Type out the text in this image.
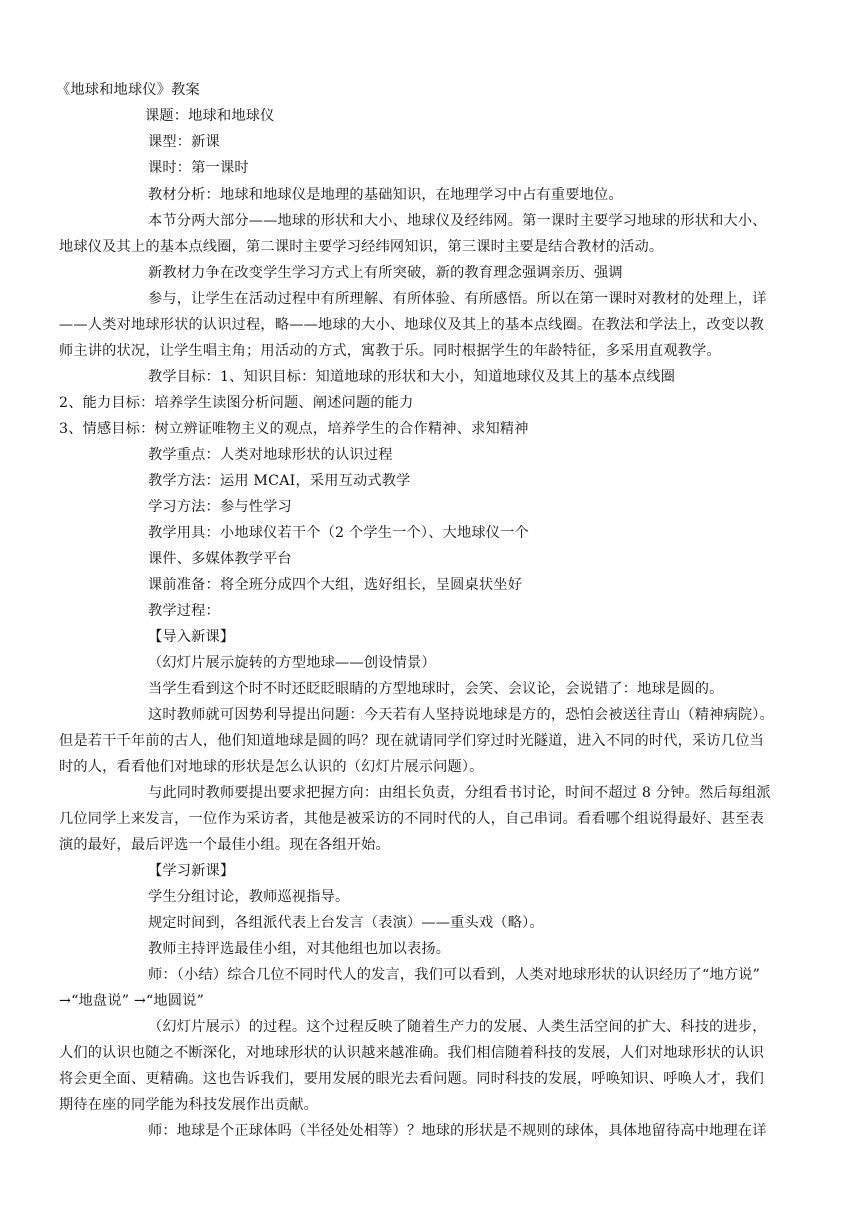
《地球和地球仪》教案
课题：地球和地球仪
课型：新课
课时：第一课时
教材分析：地球和地球仪是地理的基础知识，在地理学习中占有重要地位。
本节分两大部分——地球的形状和大小、地球仪及经纬网。第一课时主要学习地球的形状和大小、
地球仪及其上的基本点线圈，第二课时主要学习经纬网知识，第三课时主要是结合教材的活动。
新教材力争在改变学生学习方式上有所突破，新的教育理念强调亲历、强调
参与，让学生在活动过程中有所理解、有所体验、有所感悟。所以在第一课时对教材的处理上，详
——人类对地球形状的认识过程，略——地球的大小、地球仪及其上的基本点线圈。在教法和学法上，改变以教
师主讲的状况，让学生唱主角；用活动的方式，寓教于乐。同时根据学生的年龄特征，多采用直观教学。
教学目标：1、知识目标：知道地球的形状和大小，知道地球仪及其上的基本点线圈
2、能力目标：培养学生读图分析问题、阐述问题的能力
3、情感目标：树立辨证唯物主义的观点，培养学生的合作精神、求知精神
教学重点：人类对地球形状的认识过程
教学方法：运用 MCAI，采用互动式教学
学习方法：参与性学习
教学用具：小地球仪若干个（2 个学生一个）、大地球仪一个
课件、多媒体教学平台
课前准备：将全班分成四个大组，选好组长，呈圆桌状坐好
教学过程：
【导入新课】
（幻灯片展示旋转的方型地球——创设情景）
当学生看到这个时不时还眨眨眼睛的方型地球时，会笑、会议论，会说错了：地球是圆的。
这时教师就可因势利导提出问题：今天若有人坚持说地球是方的，恐怕会被送往青山（精神病院）。
但是若干千年前的古人，他们知道地球是圆的吗？现在就请同学们穿过时光隧道，进入不同的时代，采访几位当
时的人，看看他们对地球的形状是怎么认识的（幻灯片展示问题）。
与此同时教师要提出要求把握方向：由组长负责，分组看书讨论，时间不超过 8 分钟。然后每组派
几位同学上来发言，一位作为采访者，其他是被采访的不同时代的人，自己串词。看看哪个组说得最好、甚至表
演的最好，最后评选一个最佳小组。现在各组开始。
【学习新课】
学生分组讨论，教师巡视指导。
规定时间到，各组派代表上台发言（表演）——重头戏（略）。
教师主持评选最佳小组，对其他组也加以表扬。
师：（小结）综合几位不同时代人的发言，我们可以看到，人类对地球形状的认识经历了“地方说”
→“地盘说” →“地圆说”
（幻灯片展示）的过程。这个过程反映了随着生产力的发展、人类生活空间的扩大、科技的进步，
人们的认识也随之不断深化，对地球形状的认识越来越准确。我们相信随着科技的发展，人们对地球形状的认识
将会更全面、更精确。这也告诉我们，要用发展的眼光去看问题。同时科技的发展，呼唤知识、呼唤人才，我们
期待在座的同学能为科技发展作出贡献。
师：地球是个正球体吗（半径处处相等）？地球的形状是不规则的球体，具体地留待高中地理在详
